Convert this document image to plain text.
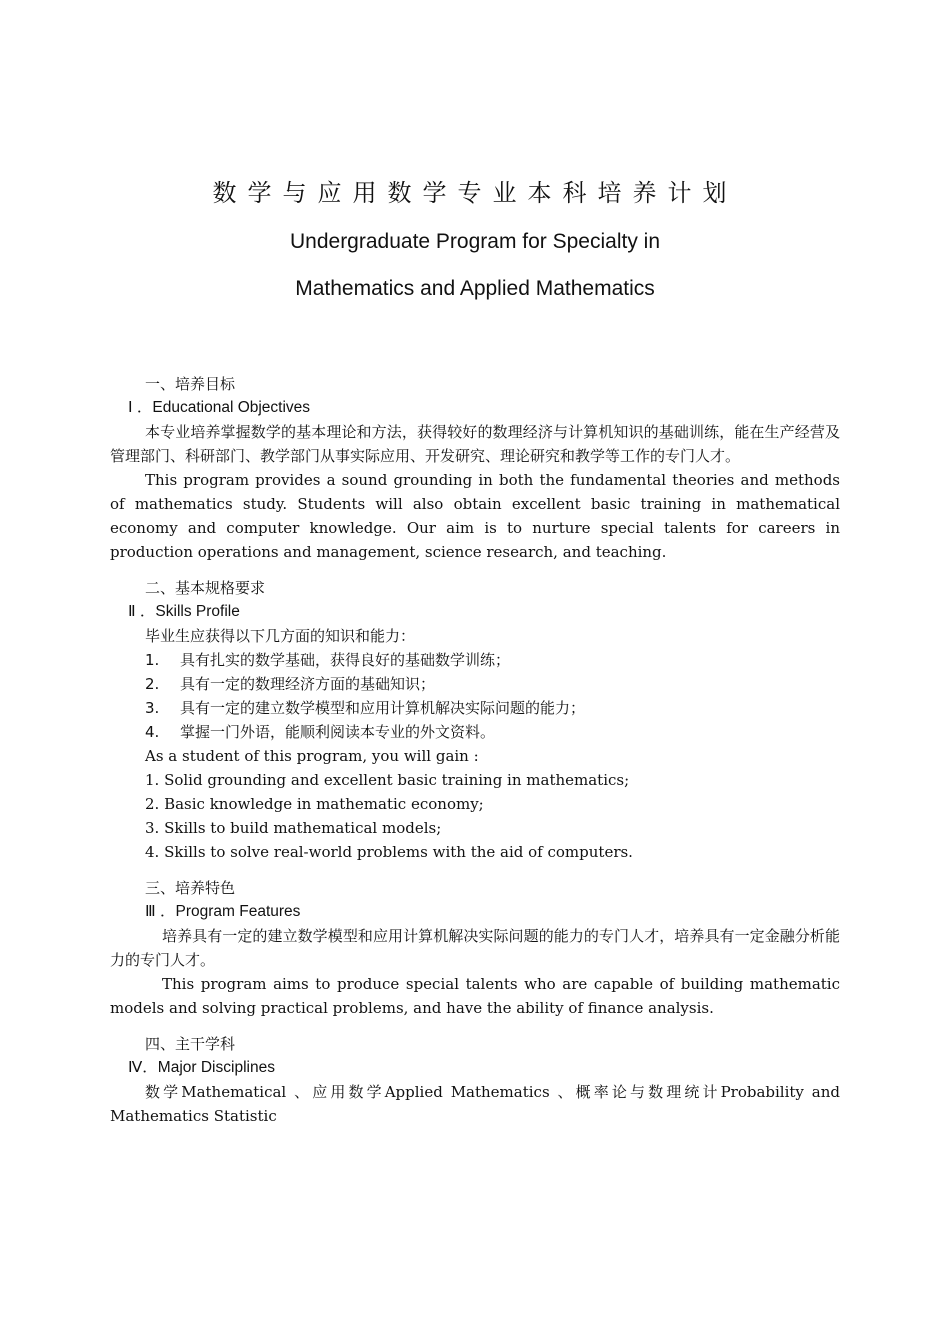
数学与应用数学专业本科培养计划
Undergraduate Program for Specialty in
Mathematics and Applied Mathematics

一、培养目标

Ⅰ ．Educational Objectives

本专业培养掌握数学的基本理论和方法，获得较好的数理经济与计算机知识的基础训练，能在生产经营及管理部门、科研部门、教学部门从事实际应用、开发研究、理论研究和教学等工作的专门人才。

This program provides a sound grounding in both the fundamental theories and methods of mathematics study. Students will also obtain excellent basic training in mathematical economy and computer knowledge. Our aim is to nurture special talents for careers in production operations and management, science research, and teaching.

二、基本规格要求

Ⅱ ．Skills Profile

毕业生应获得以下几方面的知识和能力：

1. 具有扎实的数学基础，获得良好的基础数学训练；
2. 具有一定的数理经济方面的基础知识；
3. 具有一定的建立数学模型和应用计算机解决实际问题的能力；
4. 掌握一门外语，能顺利阅读本专业的外文资料。

As a student of this program, you will gain :

1. Solid grounding and excellent basic training in mathematics;

2. Basic knowledge in mathematic economy;

3. Skills to build mathematical models;

4. Skills to solve real-world problems with the aid of computers.

三、培养特色

Ⅲ ．Program Features

培养具有一定的建立数学模型和应用计算机解决实际问题的能力的专门人才，培养具有一定金融分析能力的专门人才。

This program aims to produce special talents who are capable of building mathematic models and solving practical problems, and have the ability of finance analysis.

四、主干学科

Ⅳ．Major Disciplines

数学Mathematical 、应用数学Applied Mathematics 、概率论与数理统计Probability and Mathematics Statistic
